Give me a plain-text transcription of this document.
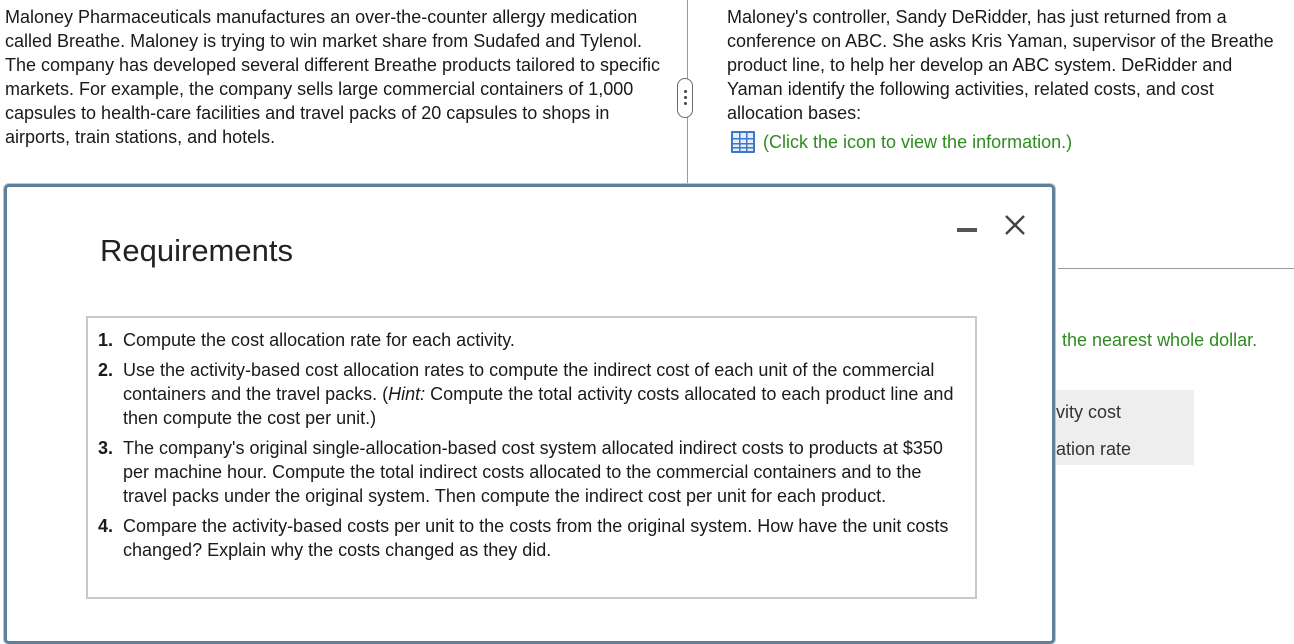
Maloney Pharmaceuticals manufactures an over-the-counter allergy medication called Breathe. Maloney is trying to win market share from Sudafed and Tylenol. The company has developed several different Breathe products tailored to specific markets. For example, the company sells large commercial containers of 1,000 capsules to health-care facilities and travel packs of 20 capsules to shops in airports, train stations, and hotels.
Maloney's controller, Sandy DeRidder, has just returned from a conference on ABC. She asks Kris Yaman, supervisor of the Breathe product line, to help her develop an ABC system. DeRidder and Yaman identify the following activities, related costs, and cost allocation bases:
(Click the icon to view the information.)
the nearest whole dollar.
vity cost
ation rate
Requirements
1. Compute the cost allocation rate for each activity.
2. Use the activity-based cost allocation rates to compute the indirect cost of each unit of the commercial containers and the travel packs. (Hint: Compute the total activity costs allocated to each product line and then compute the cost per unit.)
3. The company's original single-allocation-based cost system allocated indirect costs to products at $350 per machine hour. Compute the total indirect costs allocated to the commercial containers and to the travel packs under the original system. Then compute the indirect cost per unit for each product.
4. Compare the activity-based costs per unit to the costs from the original system. How have the unit costs changed? Explain why the costs changed as they did.
